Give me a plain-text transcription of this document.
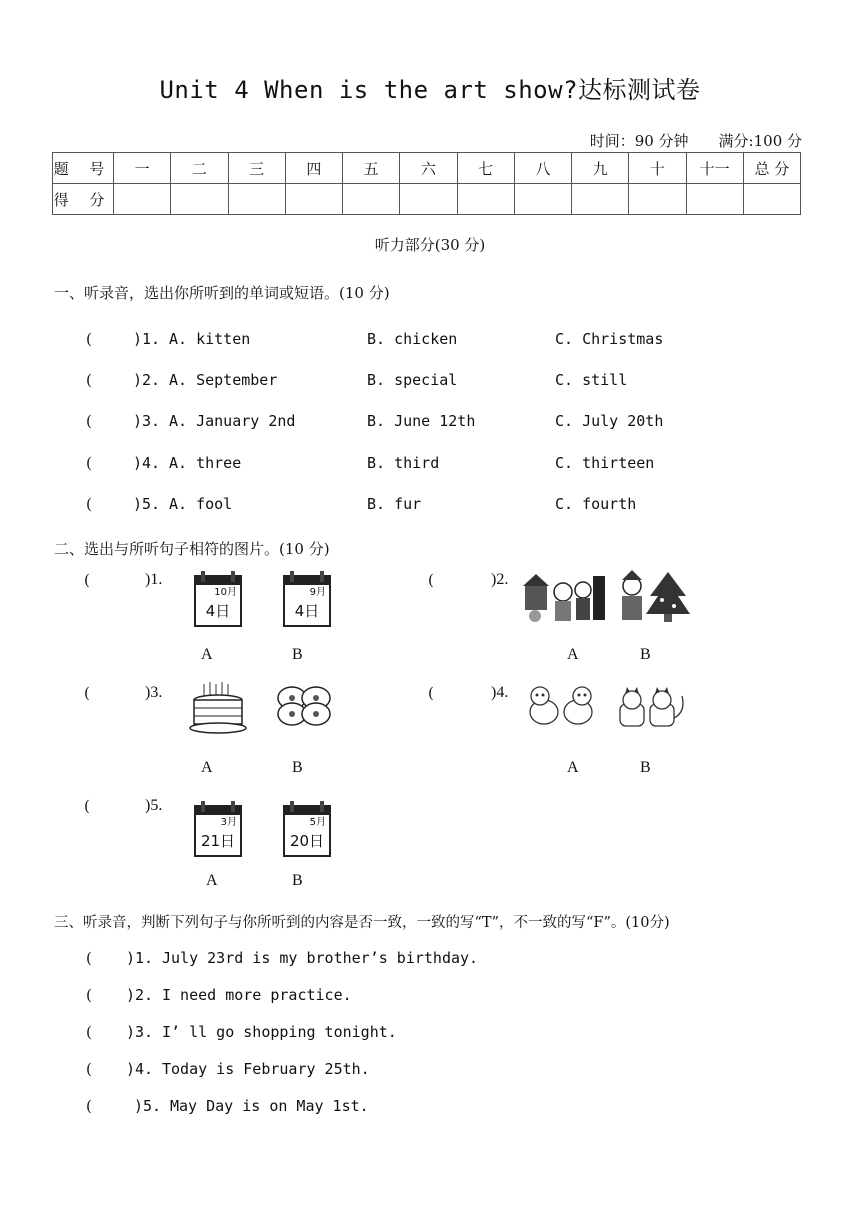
Unit 4 When is the art show?达标测试卷
时间：90 分钟 满分:100 分
题 号	一	二	三	四	五	六	七	八	九	十	十一	总 分
得 分												
听力部分(30 分)
一、听录音，选出你所听到的单词或短语。(10 分)
(	)1. A. kitten	B. chicken	C. Christmas
(	)2. A. September	B. special	C. still
(	)3. A. January 2nd	B. June 12th	C. July 20th
(	)4. A. three	B. third	C. thirteen
(	)5. A. fool	B. fur	C. fourth
二、选出与所听句子相符的图片。(10 分)
(	)1.
10月
4日
9月
4日
A	B
(	)2.
A	B
(	)3.
A	B
(	)4.
A	B
(	)5.
3月
21日
5月
20日
A	B
三、听录音，判断下列句子与你所听到的内容是否一致，一致的写“T”，不一致的写“F”。(10分)
(	)1. July 23rd is my brother’s birthday.
(	)2. I need more practice.
(	)3. I’ ll go shopping tonight.
(	)4. Today is February 25th.
(	)5. May Day is on May 1st.
